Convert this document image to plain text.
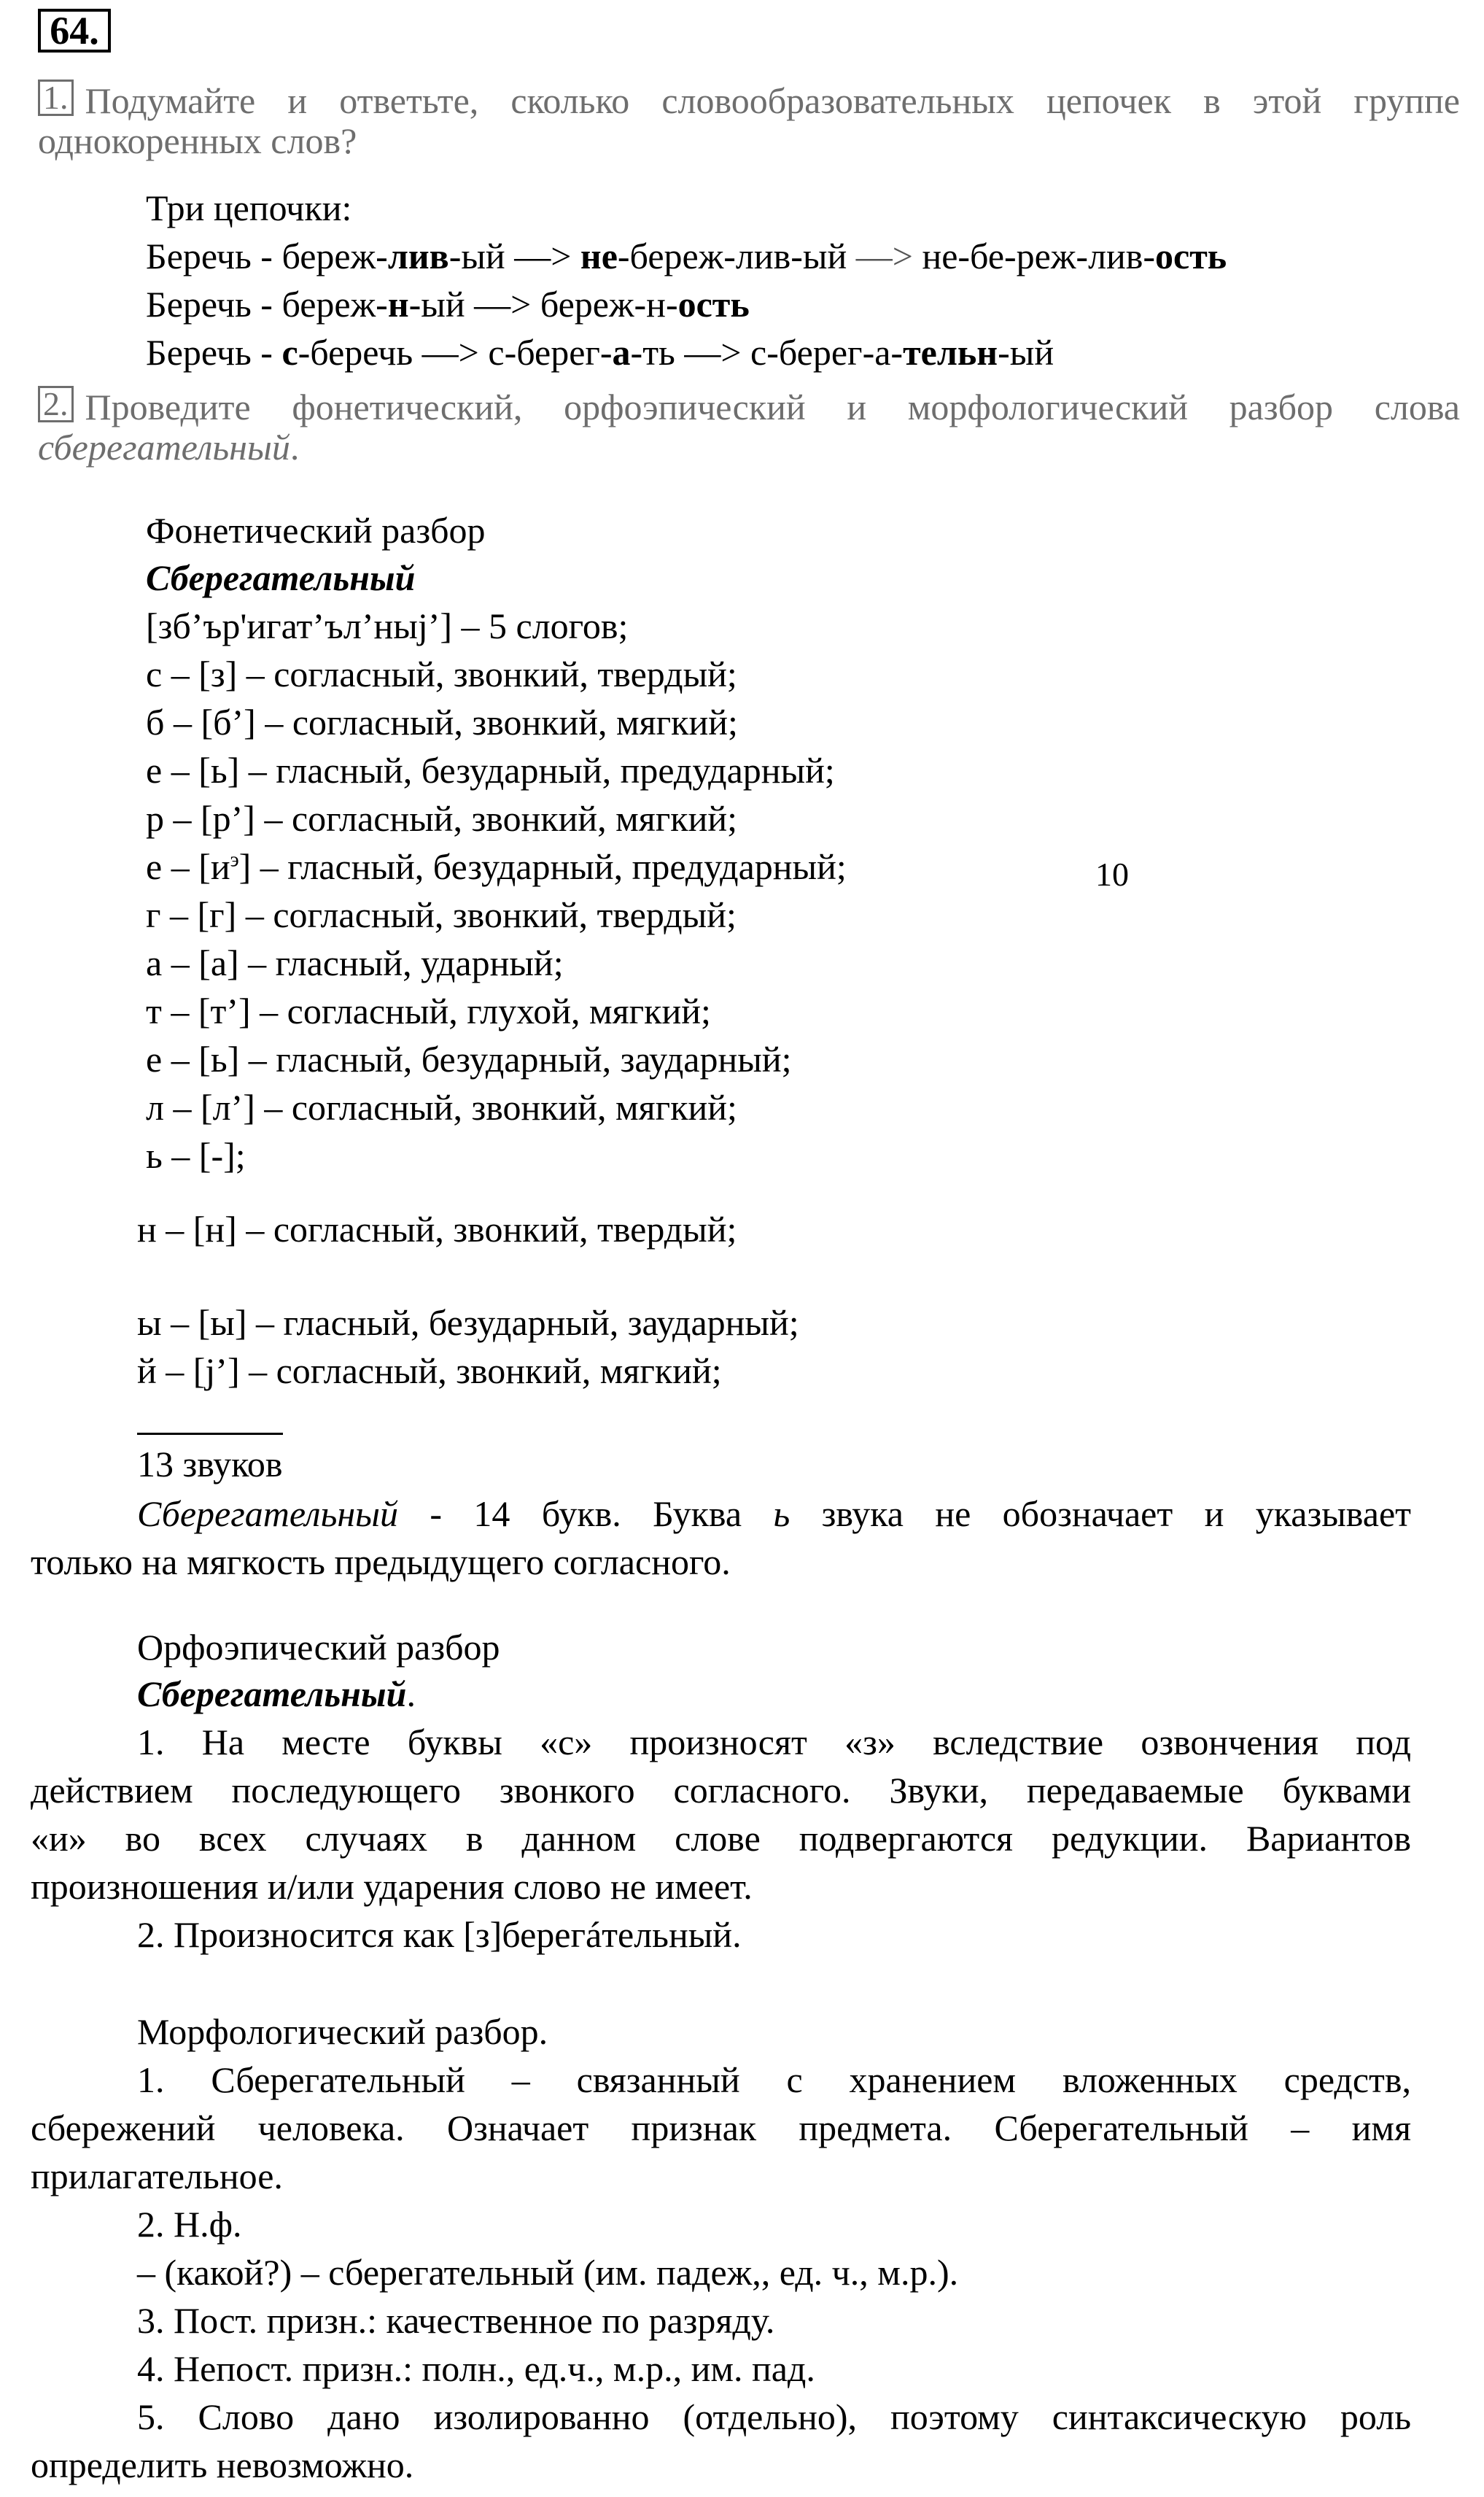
64.
1. Подумайте и ответьте, сколько словообразовательных цепочек в этой группе
однокоренных слов?
Три цепочки:
Беречь - береж-лив-ый —> не-береж-лив-ый —> не-бе-реж-лив-ость
Беречь - береж-н-ый —> береж-н-ость
Беречь - с-беречь —> с-берег-а-ть —> с-берег-а-тельн-ый
2. Проведите фонетический, орфоэпический и морфологический разбор слова
сберегательный.
Фонетический разбор
Сберегательный
[зб’ър'игат’ъл’ныj’] – 5 слогов;
с – [з] – согласный, звонкий, твердый;
б – [б’] – согласный, звонкий, мягкий;
е – [ь] – гласный, безударный, предударный;
р – [р’] – согласный, звонкий, мягкий;
е – $[и^э]$ – гласный, безударный, предударный;
г – [г] – согласный, звонкий, твердый;
а – [а] – гласный, ударный;
т – [т’] – согласный, глухой, мягкий;
е – [ь] – гласный, безударный, заударный;
л – [л’] – согласный, звонкий, мягкий;
ь – [-];
н – [н] – согласный, звонкий, твердый;
ы – [ы] – гласный, безударный, заударный;
й – [j’] – согласный, звонкий, мягкий;
10
13 звуков
Сберегательный - 14 букв. Буква ь звука не обозначает и указывает
только на мягкость предыдущего согласного.
Орфоэпический разбор
Сберегательный.
1. На месте буквы «с» произносят «з» вследствие озвончения под
действием последующего звонкого согласного. Звуки, передаваемые буквами
«и» во всех случаях в данном слове подвергаются редукции. Вариантов
произношения и/или ударения слово не имеет.
2. Произносится как [з]берегáтельный.
Морфологический разбор.
1. Сберегательный – связанный с хранением вложенных средств,
сбережений человека. Означает признак предмета. Сберегательный – имя
прилагательное.
2. Н.ф.
– (какой?) – сберегательный (им. падеж,, ед. ч., м.р.).
3. Пост. призн.: качественное по разряду.
4. Непост. призн.: полн., ед.ч., м.р., им. пад.
5. Слово дано изолированно (отдельно), поэтому синтаксическую роль
определить невозможно.
